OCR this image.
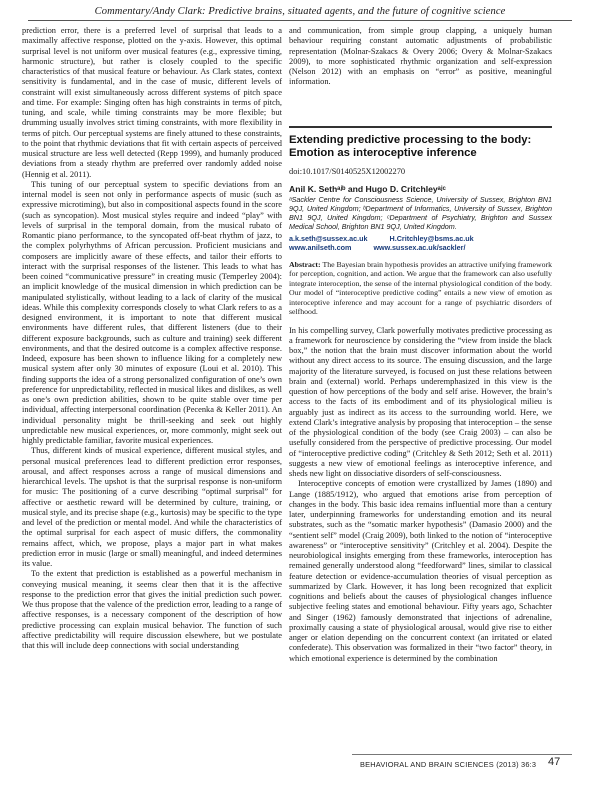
Commentary/Andy Clark: Predictive brains, situated agents, and the future of cognitive science

prediction error, there is a preferred level of surprisal that leads to a maximally affective response, plotted on the y-axis. However, this optimal surprisal level is not uniform over musical features (e.g., expressive timing, harmonic structure), but rather is closely coupled to the specific characteristics of that musical feature or behaviour. As Clark states, context sensitivity is fundamental, and in the case of music, different levels of constraint will exist simultaneously across different systems of pitch space and time. For example: Singing often has high constraints in terms of pitch, tuning, and scale, while timing constraints may be more flexible; but drumming usually involves strict timing constraints, with more flexibility in terms of pitch. Our perceptual systems are finely attuned to these constraints, to the point that rhythmic deviations that fit with certain aspects of perceived musical structure are less well detected (Repp 1999), and humanly produced deviations from a steady rhythm are preferred over randomly added noise (Hennig et al. 2011).

This tuning of our perceptual system to specific deviations from an internal model is seen not only in performance aspects of music (such as expressive microtiming), but also in compositional aspects found in the score (such as syncopation). Most musical styles require and indeed “play” with levels of surprisal in the temporal domain, from the musical rubato of Romantic piano performance, to the syncopated off-beat rhythm of jazz, to the complex polyrhythms of African percussion. Proficient musicians and composers are implicitly aware of these effects, and tailor their efforts to interact with the surprisal responses of the listener. This leads to what has been coined “communicative pressure” in creating music (Temperley 2004): an implicit knowledge of the musical dimension in which prediction can be manipulated stylistically, without leading to a lack of clarity of the musical ideas. While this complexity corresponds closely to what Clark refers to as a designed environment, it is important to note that different musical environments have different rules, that different listeners (due to their different exposure backgrounds, such as culture and training) seek different environments, and that the desired outcome is a complex affective response. Indeed, exposure has been shown to influence liking for a completely new musical system after only 30 minutes of exposure (Loui et al. 2010). This finding supports the idea of a strong personalized configuration of one’s own preference for unpredictability, reflected in musical likes and dislikes, as well as one’s own prediction abilities, shown to be quite stable over time per individual, affecting interpersonal coordination (Pecenka & Keller 2011). An individual personality might be thrill-seeking and seek out highly unpredictable new musical experiences, or, more commonly, might seek out highly predictable familiar, favorite musical experiences.

Thus, different kinds of musical experience, different musical styles, and personal musical preferences lead to different prediction error responses, arousal, and affect responses across a range of musical dimensions and hierarchical levels. The upshot is that the surprisal response is non-uniform for music: The positioning of a curve describing “optimal surprisal” for affective or aesthetic reward will be determined by culture, training, or musical style, and its precise shape (e.g., kurtosis) may be specific to the type and level of the prediction or mental model. And while the characteristics of the optimal surprisal for each aspect of music differs, the commonality remains affect, which, we propose, plays a major part in what makes prediction error in music (large or small) meaningful, and indeed determines its value.

To the extent that prediction is established as a powerful mechanism in conveying musical meaning, it seems clear then that it is the affective response to the prediction error that gives the initial prediction such power. We thus propose that the valence of the prediction error, leading to a range of affective responses, is a necessary component of the description of how predictive processing can explain musical behavior. The function of such affective predictability will require discussion elsewhere, but we postulate that this will include deep connections with social understanding

and communication, from simple group clapping, a uniquely human behaviour requiring constant automatic adjustments of probabilistic representation (Molnar-Szakacs & Overy 2006; Overy & Molnar-Szakacs 2009), to more sophisticated rhythmic organization and self-expression (Nelson 2012) with an emphasis on “error” as positive, meaningful information.

Extending predictive processing to the body:
Emotion as interoceptive inference
doi:10.1017/S0140525X12002270
Anil K. Sethᵃʲᵇ and Hugo D. Critchleyᵃʲᶜ
ᵃSackler Centre for Consciousness Science, University of Sussex, Brighton BN1 9QJ, United Kingdom; ᵇDepartment of Informatics, University of Sussex, Brighton BN1 9QJ, United Kingdom; ᶜDepartment of Psychiatry, Brighton and Sussex Medical School, Brighton BN1 9QJ, United Kingdom.
a.k.seth@sussex.ac.uk	H.Critchley@bsms.ac.uk
www.anilseth.com	www.sussex.ac.uk/sackler/
Abstract: The Bayesian brain hypothesis provides an attractive unifying framework for perception, cognition, and action. We argue that the framework can also usefully integrate interoception, the sense of the internal physiological condition of the body. Our model of “interoceptive predictive coding” entails a new view of emotion as interoceptive inference and may account for a range of psychiatric disorders of selfhood.

In his compelling survey, Clark powerfully motivates predictive processing as a framework for neuroscience by considering the “view from inside the black box,” the notion that the brain must discover information about the world without any direct access to its source. The ensuing discussion, and the large majority of the literature surveyed, is focused on just these relations between brain and (external) world. Perhaps underemphasized in this view is the question of how perceptions of the body and self arise. However, the brain’s access to the facts of its embodiment and of its physiological milieu is arguably just as indirect as its access to the surrounding world. Here, we extend Clark’s integrative analysis by proposing that interoception – the sense of the physiological condition of the body (see Craig 2003) – can also be usefully considered from the perspective of predictive processing. Our model of “interoceptive predictive coding” (Critchley & Seth 2012; Seth et al. 2011) suggests a new view of emotional feelings as interoceptive inference, and sheds new light on dissociative disorders of self-consciousness.

Interoceptive concepts of emotion were crystallized by James (1890) and Lange (1885/1912), who argued that emotions arise from perception of changes in the body. This basic idea remains influential more than a century later, underpinning frameworks for understanding emotion and its neural substrates, such as the “somatic marker hypothesis” (Damasio 2000) and the “sentient self” model (Craig 2009), both linked to the notion of “interoceptive awareness” or “interoceptive sensitivity” (Critchley et al. 2004). Despite the neurobiological insights emerging from these frameworks, interoception has remained generally understood along “feedforward” lines, similar to classical feature detection or evidence-accumulation theories of visual perception as summarized by Clark. However, it has long been recognized that explicit cognitions and beliefs about the causes of physiological changes influence subjective feeling states and emotional behaviour. Fifty years ago, Schachter and Singer (1962) famously demonstrated that injections of adrenaline, proximally causing a state of physiological arousal, would give rise to either anger or elation depending on the concurrent context (an irritated or elated confederate). This observation was formalized in their “two factor” theory, in which emotional experience is determined by the combination

BEHAVIORAL AND BRAIN SCIENCES (2013) 36:3 47
